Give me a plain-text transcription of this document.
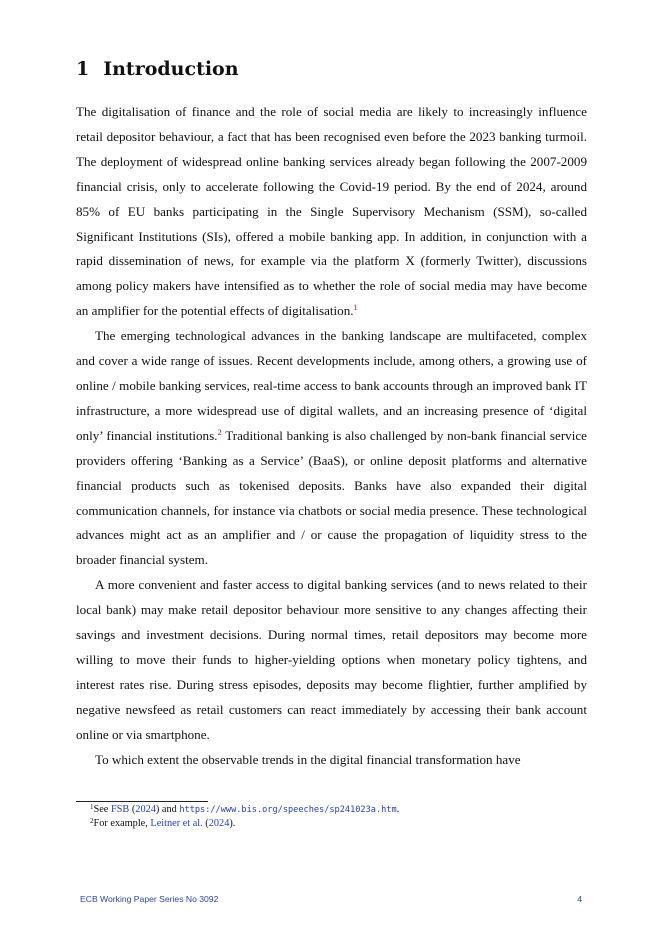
1 Introduction

The digitalisation of finance and the role of social media are likely to increasingly influence retail depositor behaviour, a fact that has been recognised even before the 2023 banking turmoil. The deployment of widespread online banking services already began following the 2007-2009 financial crisis, only to accelerate following the Covid-19 period. By the end of 2024, around 85% of EU banks participating in the Single Supervisory Mechanism (SSM), so-called Significant Institutions (SIs), offered a mobile banking app. In addition, in conjunction with a rapid dissemination of news, for example via the platform X (formerly Twitter), discussions among policy makers have intensified as to whether the role of social media may have become an amplifier for the potential effects of digitalisation.$^1$

The emerging technological advances in the banking landscape are multifaceted, complex and cover a wide range of issues. Recent developments include, among others, a growing use of online / mobile banking services, real-time access to bank accounts through an improved bank IT infrastructure, a more widespread use of digital wallets, and an increasing presence of ‘digital only’ financial institutions.$^2$ Traditional banking is also challenged by non-bank financial service providers offering ‘Banking as a Service’ (BaaS), or online deposit platforms and alternative financial products such as tokenised deposits. Banks have also expanded their digital communication channels, for instance via chatbots or social media presence. These technological advances might act as an amplifier and / or cause the propagation of liquidity stress to the broader financial system.

A more convenient and faster access to digital banking services (and to news related to their local bank) may make retail depositor behaviour more sensitive to any changes affecting their savings and investment decisions. During normal times, retail depositors may become more willing to move their funds to higher-yielding options when monetary policy tightens, and interest rates rise. During stress episodes, deposits may become flightier, further amplified by negative newsfeed as retail customers can react immediately by accessing their bank account online or via smartphone.

To which extent the observable trends in the digital financial transformation have

$^1$See FSB (2024) and https://www.bis.org/speeches/sp241023a.htm.
$^2$For example, Leitner et al. (2024).
ECB Working Paper Series No 3092	4
